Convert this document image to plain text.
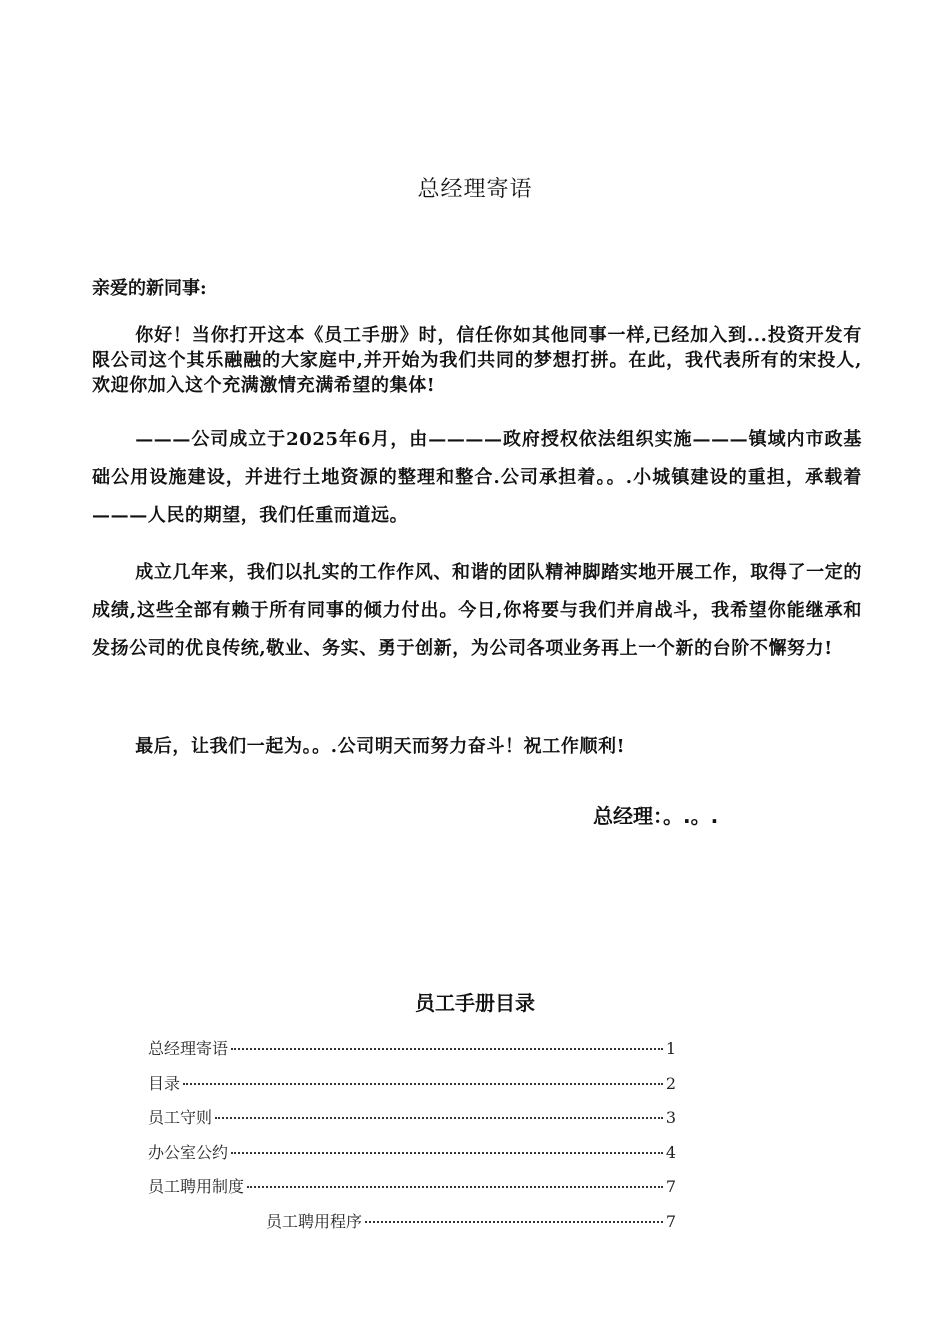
总经理寄语
亲爱的新同事:
你好！当你打开这本《员工手册》时，信任你如其他同事一样,已经加入到...投资开发有限公司这个其乐融融的大家庭中,并开始为我们共同的梦想打拼。在此，我代表所有的宋投人,欢迎你加入这个充满激情充满希望的集体!
———公司成立于2025年6月，由————政府授权依法组织实施———镇域内市政基础公用设施建设，并进行土地资源的整理和整合.公司承担着。。.小城镇建设的重担，承载着———人民的期望，我们任重而道远。
成立几年来，我们以扎实的工作作风、和谐的团队精神脚踏实地开展工作，取得了一定的成绩,这些全部有赖于所有同事的倾力付出。今日,你将要与我们并肩战斗，我希望你能继承和发扬公司的优良传统,敬业、务实、勇于创新，为公司各项业务再上一个新的台阶不懈努力!
最后，让我们一起为。。.公司明天而努力奋斗！祝工作顺利!
总经理：。.。.
员工手册目录
总经理寄语	1
目录	2
员工守则	3
办公室公约	4
员工聘用制度	7
员工聘用程序	7
